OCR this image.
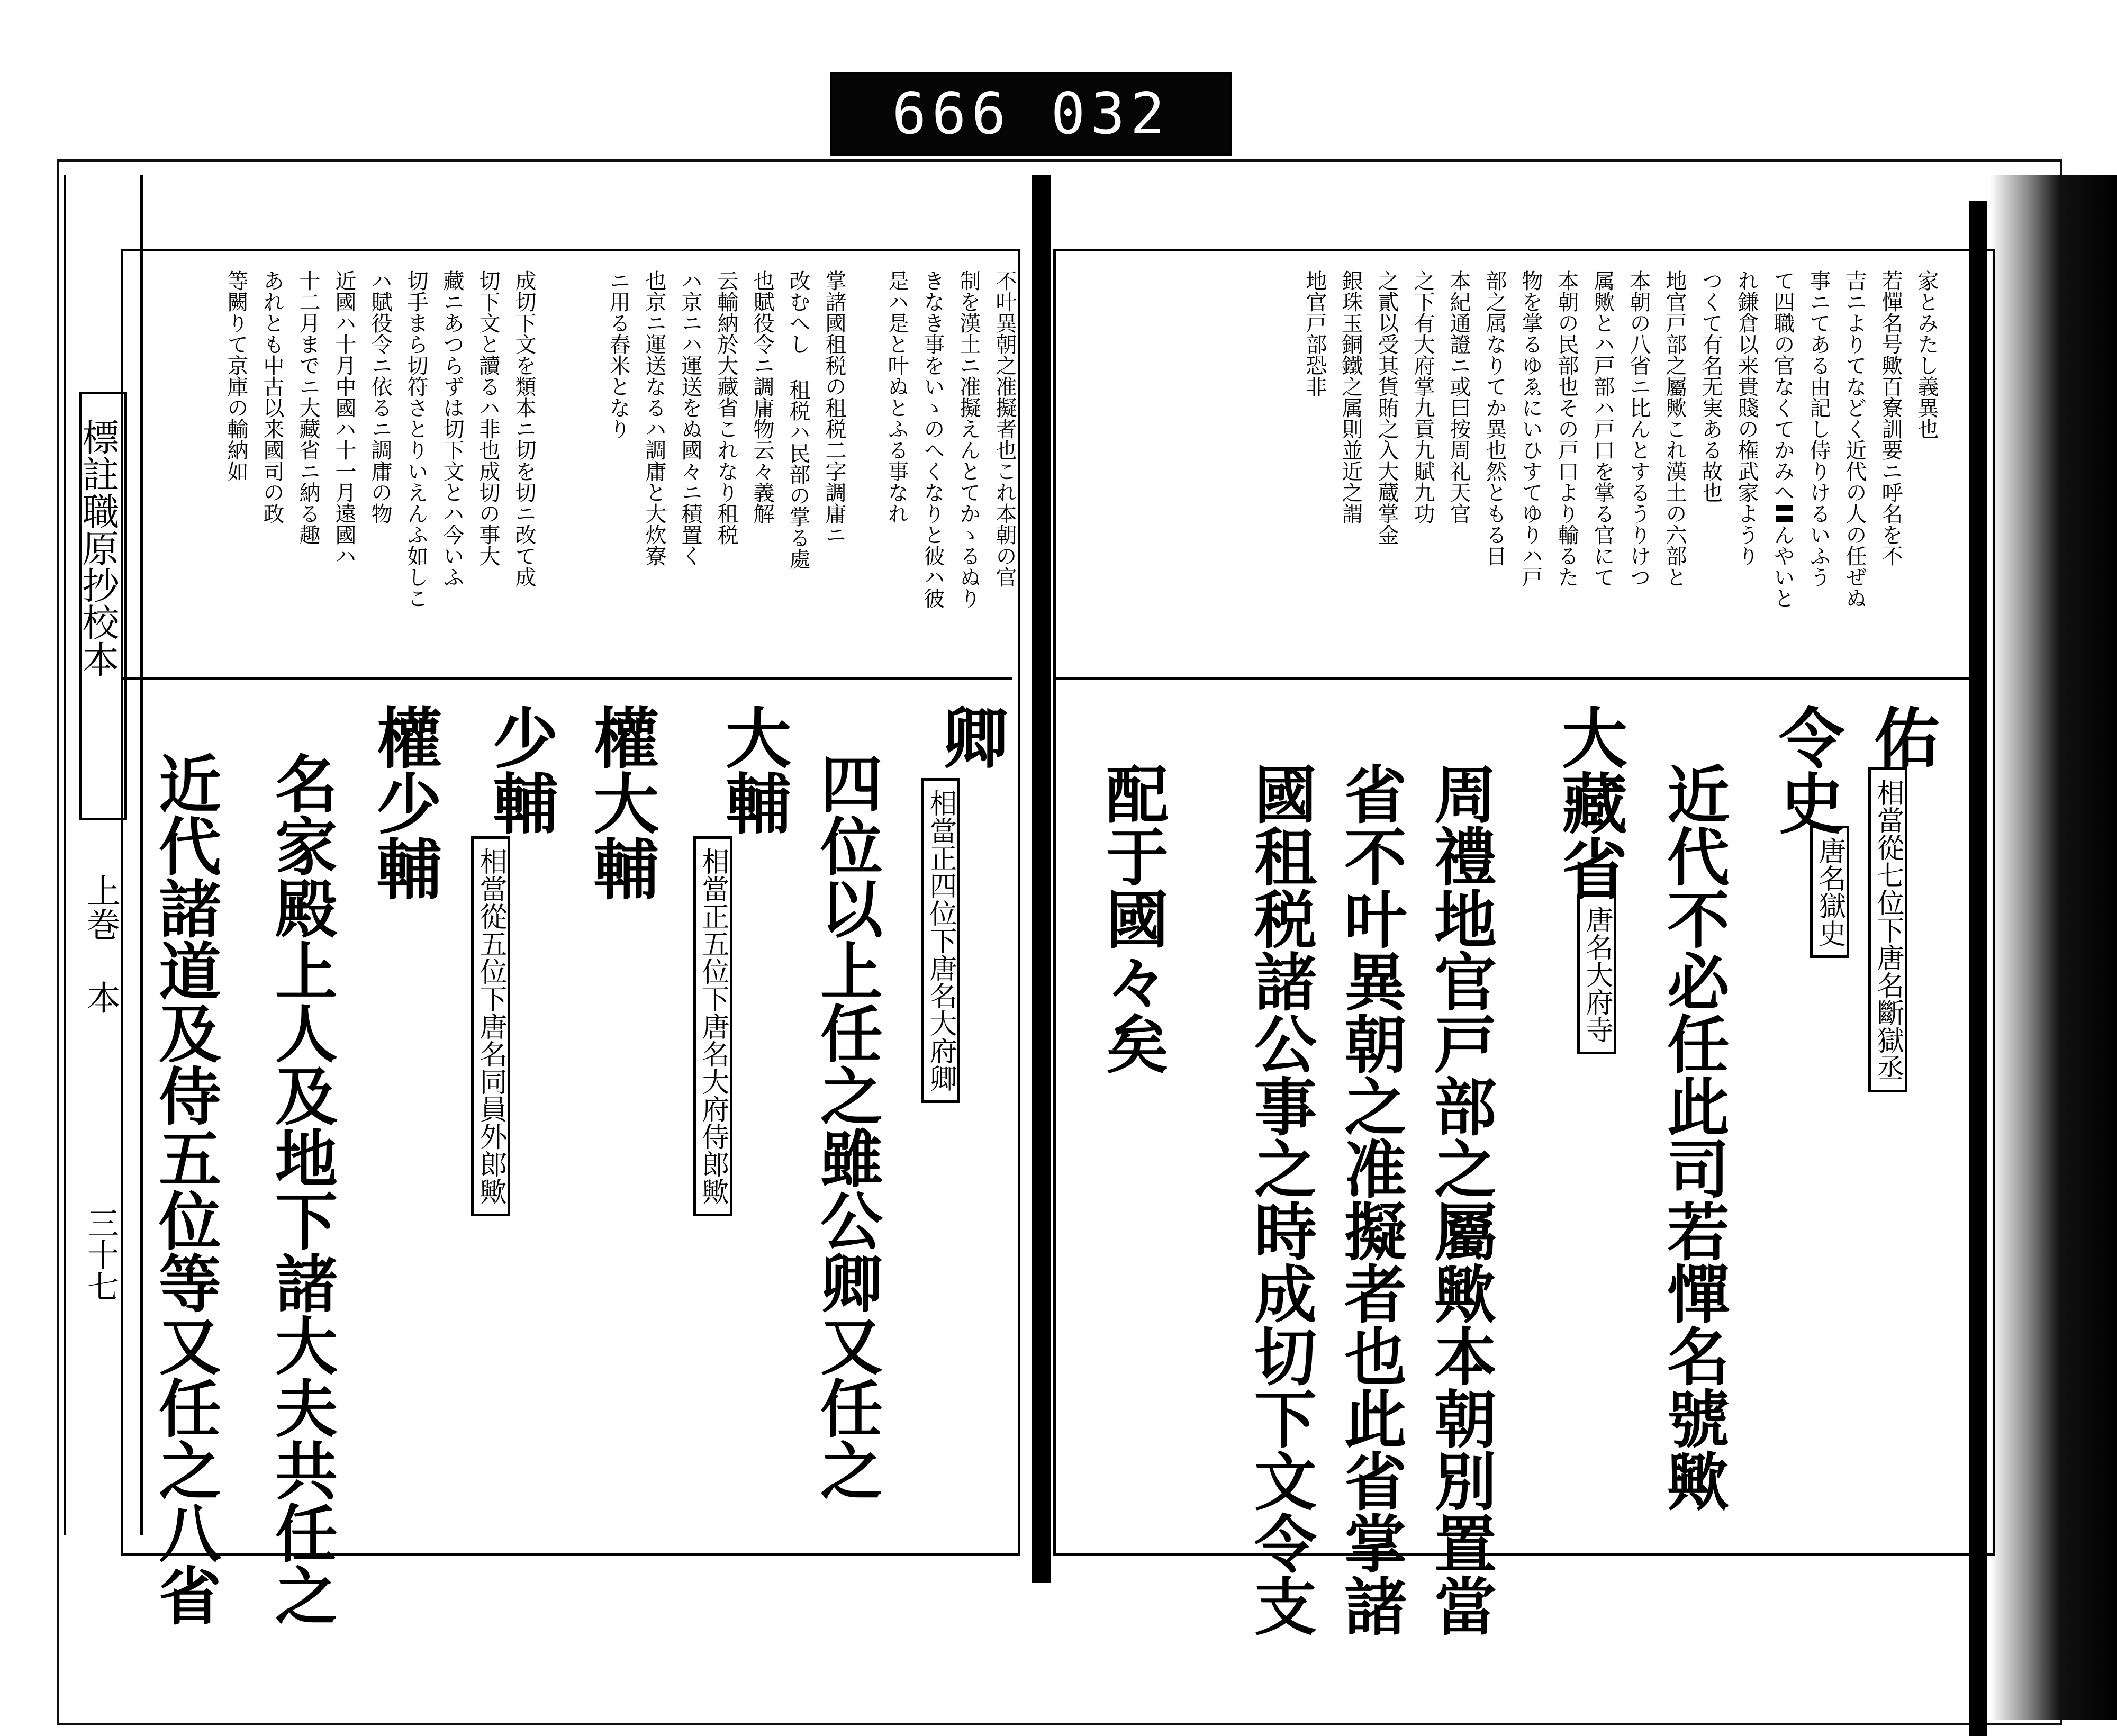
標註職原抄校本
上巻 本
三十七
666 032
家とみたし義異也
若憚名号歟百寮訓要ニ呼名を不
吉ニよりてなどく近代の人の任ぜぬ
事ニてある由記し侍りけるいふう
て四職の官なくてかみへ〓んやいと
れ鎌倉以来貴賤の権武家ようり
つくて有名无実ある故也
地官戸部之屬歟これ漢土の六部と
本朝の八省ニ比んとするうりけつ
属歟とハ戸部ハ戸口を掌る官にて
本朝の民部也その戸口より輸るた
物を掌るゆゑにいひすてゆりハ戸
部之属なりてか異也然ともる日
本紀通證ニ或曰按周礼天官
之下有大府掌九貢九賦九功
之貳以受其貨賄之入大蔵掌金
銀珠玉銅鐵之属則並近之謂
地官戸部恐非
佑
相當從七位下唐名斷獄丞
令史
唐名獄史
近代不必任此司若憚名號歟
大藏省
唐名大府寺
周禮地官戸部之屬歟本朝別置當
省不叶異朝之准擬者也此省掌諸
國租税諸公事之時成切下文令支
配于國々矣
不叶異朝之准擬者也これ本朝の官
制を漢土ニ准擬えんとてかゝるぬり
きなき事をいゝのへくなりと彼ハ彼
是ハ是と叶ぬとふる事なれ
掌諸國租税の租税二字調庸ニ
改むへし 租税ハ民部の掌る處
也賦役令ニ調庸物云々義解
云輸納於大藏省これなり租税
ハ京ニハ運送をぬ國々ニ積置く
也京ニ運送なるハ調庸と大炊寮
ニ用る舂米となり
成切下文を類本ニ切を切ニ改て成
切下文と讀るハ非也成切の事大
藏ニあつらずは切下文とハ今いふ
切手まら切符さとりいえんふ如しこ
ハ賦役令ニ依るニ調庸の物
近國ハ十月中國ハ十一月遠國ハ
十二月までニ大藏省ニ納る趣
あれとも中古以来國司の政
等闕りて京庫の輸納如
卿
相當正四位下唐名大府卿
四位以上任之雖公卿又任之
大輔
相當正五位下唐名大府侍郎歟
權大輔
少輔
相當從五位下唐名同員外郎歟
權少輔
名家殿上人及地下諸大夫共任之
近代諸道及侍五位等又任之八省
